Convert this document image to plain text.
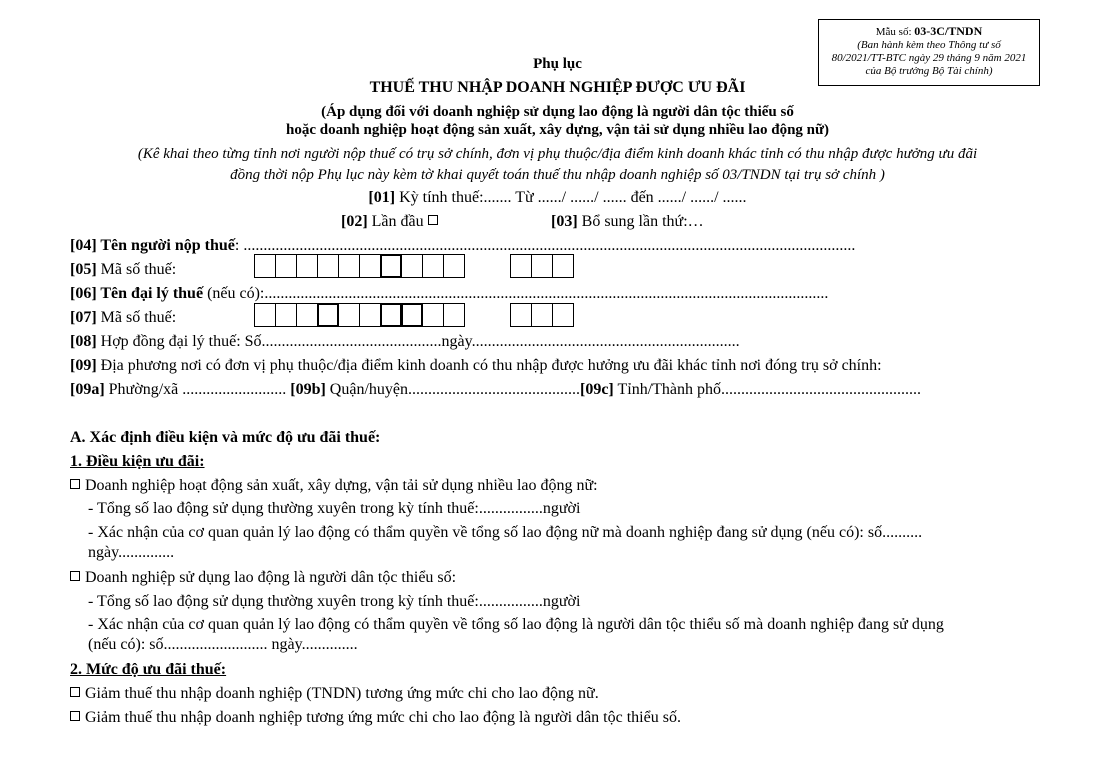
Mẫu số: 03-3C/TNDN
(Ban hành kèm theo Thông tư số
80/2021/TT-BTC ngày 29 tháng 9 năm 2021
của Bộ trưởng Bộ Tài chính)
Phụ lục
THUẾ THU NHẬP DOANH NGHIỆP ĐƯỢC ƯU ĐÃI
(Áp dụng đối với doanh nghiệp sử dụng lao động là người dân tộc thiểu số
hoặc doanh nghiệp hoạt động sản xuất, xây dựng, vận tải sử dụng nhiều lao động nữ)
(Kê khai theo từng tỉnh nơi người nộp thuế có trụ sở chính, đơn vị phụ thuộc/địa điểm kinh doanh khác tỉnh có thu nhập được hưởng ưu đãi
đồng thời nộp Phụ lục này kèm tờ khai quyết toán thuế thu nhập doanh nghiệp số 03/TNDN tại trụ sở chính )
[01] Kỳ tính thuế:....... Từ ....../ ....../ ...... đến ....../ ....../ ......
[02] Lần đầu	[03] Bổ sung lần thứ:…
[04] Tên người nộp thuế: .........................................................................................................................................................
[05] Mã số thuế:
[06] Tên đại lý thuế (nếu có):.............................................................................................................................................
[07] Mã số thuế:
[08] Hợp đồng đại lý thuế: Số.............................................ngày...................................................................
[09] Địa phương nơi có đơn vị phụ thuộc/địa điểm kinh doanh có thu nhập được hưởng ưu đãi khác tỉnh nơi đóng trụ sở chính:
[09a] Phường/xã .......................... [09b] Quận/huyện...........................................[09c] Tỉnh/Thành phố..................................................
A. Xác định điều kiện và mức độ ưu đãi thuế:
1. Điều kiện ưu đãi:
Doanh nghiệp hoạt động sản xuất, xây dựng, vận tải sử dụng nhiều lao động nữ:
- Tổng số lao động sử dụng thường xuyên trong kỳ tính thuế:................người
- Xác nhận của cơ quan quản lý lao động có thẩm quyền về tổng số lao động nữ mà doanh nghiệp đang sử dụng (nếu có): số..........
ngày..............
Doanh nghiệp sử dụng lao động là người dân tộc thiểu số:
- Tổng số lao động sử dụng thường xuyên trong kỳ tính thuế:................người
- Xác nhận của cơ quan quản lý lao động có thẩm quyền về tổng số lao động là người dân tộc thiểu số mà doanh nghiệp đang sử dụng
(nếu có): số.......................... ngày..............
2. Mức độ ưu đãi thuế:
Giảm thuế thu nhập doanh nghiệp (TNDN) tương ứng mức chi cho lao động nữ.
Giảm thuế thu nhập doanh nghiệp tương ứng mức chi cho lao động là người dân tộc thiểu số.
